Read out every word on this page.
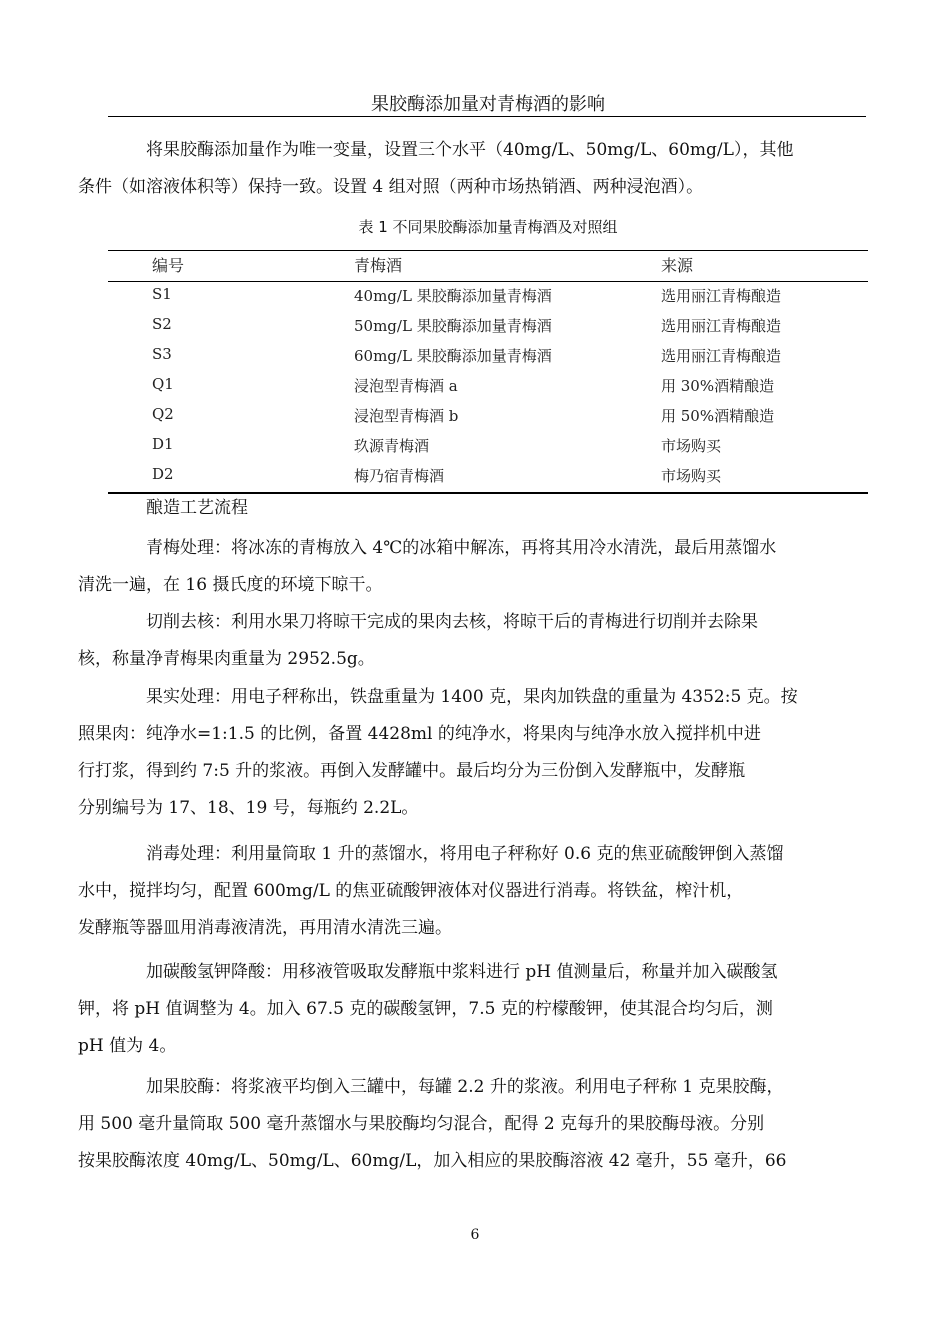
果胶酶添加量对青梅酒的影响
将果胶酶添加量作为唯一变量，设置三个水平（40mg/L、50mg/L、60mg/L），其他
条件（如溶液体积等）保持一致。设置 4 组对照（两种市场热销酒、两种浸泡酒）。
表 1 不同果胶酶添加量青梅酒及对照组
编号	青梅酒	来源
S1	40mg/L 果胶酶添加量青梅酒	选用丽江青梅酿造
S2	50mg/L 果胶酶添加量青梅酒	选用丽江青梅酿造
S3	60mg/L 果胶酶添加量青梅酒	选用丽江青梅酿造
Q1	浸泡型青梅酒 a	用 30%酒精酿造
Q2	浸泡型青梅酒 b	用 50%酒精酿造
D1	玖源青梅酒	市场购买
D2	梅乃宿青梅酒	市场购买
酿造工艺流程
青梅处理：将冰冻的青梅放入 4℃的冰箱中解冻，再将其用冷水清洗，最后用蒸馏水
清洗一遍，在 16 摄氏度的环境下晾干。
切削去核：利用水果刀将晾干完成的果肉去核，将晾干后的青梅进行切削并去除果
核，称量净青梅果肉重量为 2952.5g。
果实处理：用电子秤称出，铁盘重量为 1400 克，果肉加铁盘的重量为 4352:5 克。按
照果肉：纯净水=1:1.5 的比例，备置 4428ml 的纯净水，将果肉与纯净水放入搅拌机中进
行打浆，得到约 7:5 升的浆液。再倒入发酵罐中。最后均分为三份倒入发酵瓶中，发酵瓶
分别编号为 17、18、19 号，每瓶约 2.2L。
消毒处理：利用量筒取 1 升的蒸馏水，将用电子秤称好 0.6 克的焦亚硫酸钾倒入蒸馏
水中，搅拌均匀，配置 600mg/L 的焦亚硫酸钾液体对仪器进行消毒。将铁盆，榨汁机，
发酵瓶等器皿用消毒液清洗，再用清水清洗三遍。
加碳酸氢钾降酸：用移液管吸取发酵瓶中浆料进行 pH 值测量后，称量并加入碳酸氢
钾，将 pH 值调整为 4。加入 67.5 克的碳酸氢钾，7.5 克的柠檬酸钾，使其混合均匀后，测
pH 值为 4。
加果胶酶：将浆液平均倒入三罐中，每罐 2.2 升的浆液。利用电子秤称 1 克果胶酶，
用 500 毫升量筒取 500 毫升蒸馏水与果胶酶均匀混合，配得 2 克每升的果胶酶母液。分别
按果胶酶浓度 40mg/L、50mg/L、60mg/L，加入相应的果胶酶溶液 42 毫升，55 毫升，66
6
